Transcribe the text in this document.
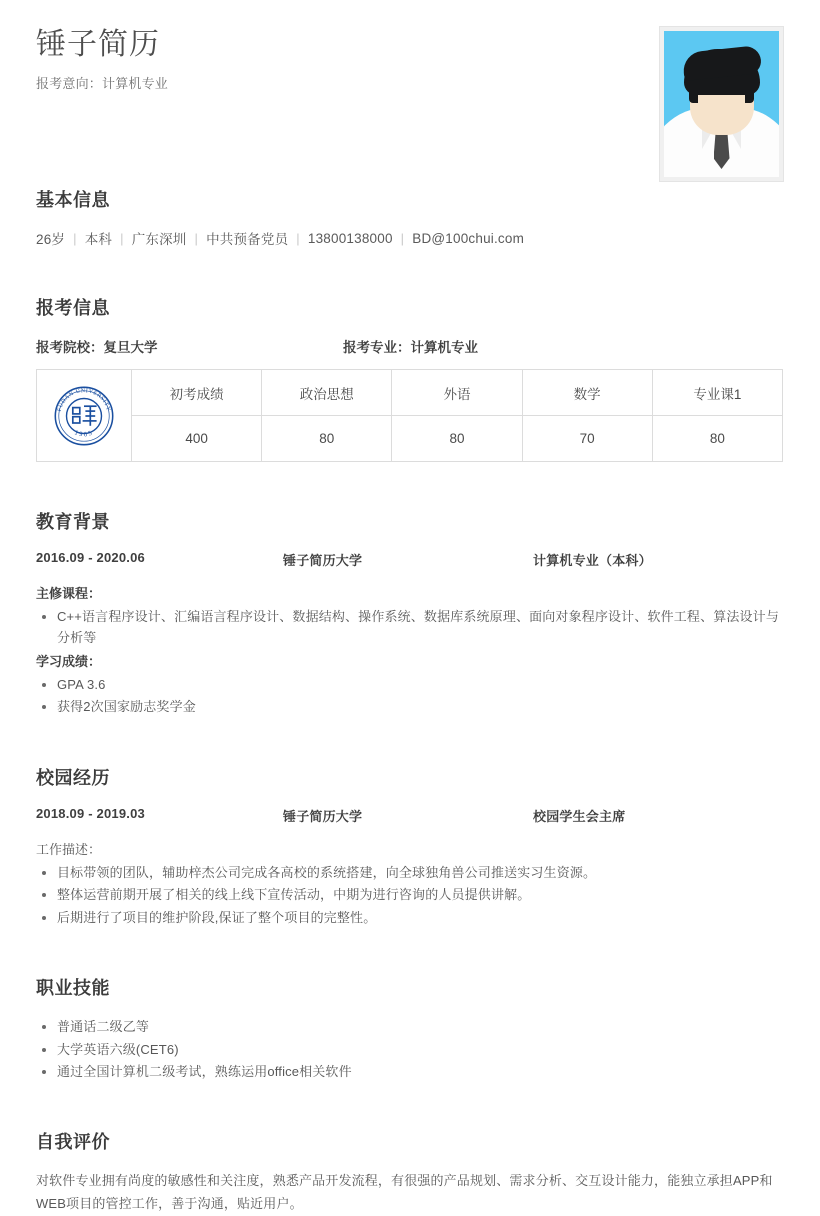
锤子简历
报考意向：计算机专业
基本信息
26岁 | 本科 | 广东深圳 | 中共预备党员 | 13800138000 | BD@100chui.com
报考信息
报考院校：复旦大学	报考专业：计算机专业
FUDAN UNIVERSITY
1905	初考成绩	政治思想	外语	数学	专业课1
	400	80	80	70	80
教育背景
2016.09 - 2020.06	锤子简历大学	计算机专业（本科）
主修课程：
C++语言程序设计、汇编语言程序设计、数据结构、操作系统、数据库系统原理、面向对象程序设计、软件工程、算法设计与分析等
学习成绩：
GPA 3.6
获得2次国家励志奖学金
校园经历
2018.09 - 2019.03	锤子简历大学	校园学生会主席
工作描述：
目标带领的团队，辅助梓杰公司完成各高校的系统搭建，向全球独角兽公司推送实习生资源。
整体运营前期开展了相关的线上线下宣传活动，中期为进行咨询的人员提供讲解。
后期进行了项目的维护阶段,保证了整个项目的完整性。
职业技能
普通话二级乙等
大学英语六级(CET6)
通过全国计算机二级考试，熟练运用office相关软件
自我评价

对软件专业拥有尚度的敏感性和关注度，熟悉产品开发流程，有很强的产品规划、需求分析、交互设计能力，能独立承担APP和WEB项目的管控工作，善于沟通，贴近用户。
